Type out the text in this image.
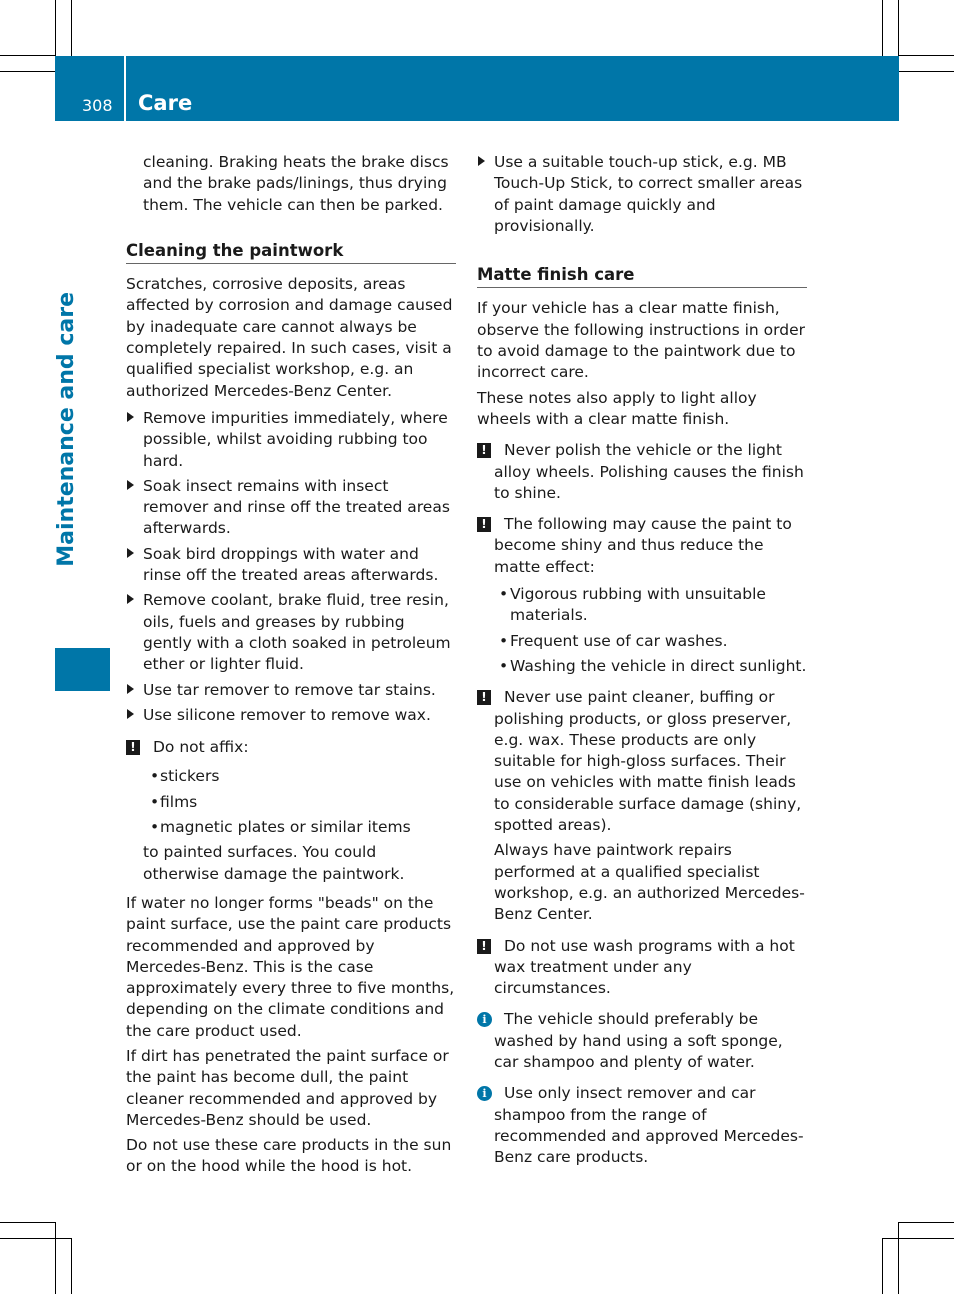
308 Care
Maintenance and care

cleaning. Braking heats the brake discs and the brake pads/linings, thus drying them. The vehicle can then be parked.

Cleaning the paintwork

Scratches, corrosive deposits, areas affected by corrosion and damage caused by inadequate care cannot always be completely repaired. In such cases, visit a qualified specialist workshop, e.g. an authorized Mercedes-Benz Center.

Remove impurities immediately, where possible, whilst avoiding rubbing too hard.
Soak insect remains with insect remover and rinse off the treated areas afterwards.
Soak bird droppings with water and rinse off the treated areas afterwards.
Remove coolant, brake fluid, tree resin, oils, fuels and greases by rubbing gently with a cloth soaked in petroleum ether or lighter fluid.
Use tar remover to remove tar stains.
Use silicone remover to remove wax.
! Do not affix:
• stickers
• films
• magnetic plates or similar items

to painted surfaces. You could otherwise damage the paintwork.

If water no longer forms "beads" on the paint surface, use the paint care products recommended and approved by Mercedes-Benz. This is the case approximately every three to five months, depending on the climate conditions and the care product used.

If dirt has penetrated the paint surface or the paint has become dull, the paint cleaner recommended and approved by Mercedes-Benz should be used.

Do not use these care products in the sun or on the hood while the hood is hot.

Use a suitable touch-up stick, e.g. MB Touch-Up Stick, to correct smaller areas of paint damage quickly and provisionally.
Matte finish care

If your vehicle has a clear matte finish, observe the following instructions in order to avoid damage to the paintwork due to incorrect care.

These notes also apply to light alloy wheels with a clear matte finish.

! Never polish the vehicle or the light alloy wheels. Polishing causes the finish to shine.
! The following may cause the paint to become shiny and thus reduce the matte effect:
• Vigorous rubbing with unsuitable materials.
• Frequent use of car washes.
• Washing the vehicle in direct sunlight.
! Never use paint cleaner, buffing or polishing products, or gloss preserver, e.g. wax. These products are only suitable for high-gloss surfaces. Their use on vehicles with matte finish leads to considerable surface damage (shiny, spotted areas).

Always have paintwork repairs performed at a qualified specialist workshop, e.g. an authorized Mercedes-Benz Center.

! Do not use wash programs with a hot wax treatment under any circumstances.
i	The vehicle should preferably be washed by hand using a soft sponge, car shampoo and plenty of water.
i	Use only insect remover and car shampoo from the range of recommended and approved Mercedes-Benz care products.
